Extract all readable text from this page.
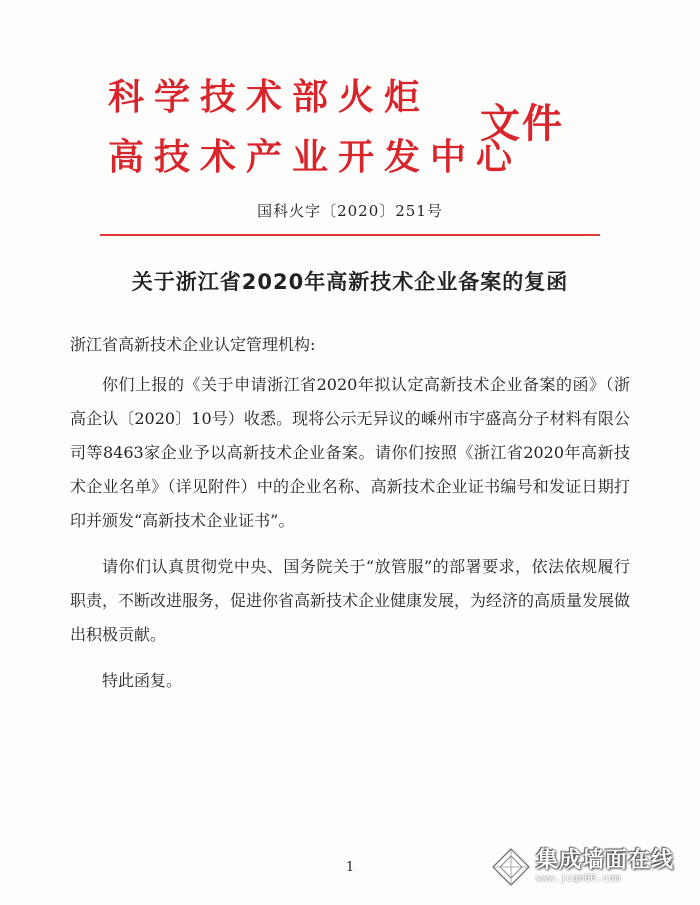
科学技术部火炬
高技术产业开发中心
文件
国科火字〔2020〕251号
关于浙江省2020年高新技术企业备案的复函

浙江省高新技术企业认定管理机构:

你们上报的《关于申请浙江省2020年拟认定高新技术企业备案的函》（浙高企认〔2020〕10号）收悉。现将公示无异议的嵊州市宇盛高分子材料有限公司等8463家企业予以高新技术企业备案。请你们按照《浙江省2020年高新技术企业名单》（详见附件）中的企业名称、高新技术企业证书编号和发证日期打印并颁发“高新技术企业证书”。

请你们认真贯彻党中央、国务院关于“放管服”的部署要求，依法依规履行职责，不断改进服务，促进你省高新技术企业健康发展，为经济的高质量发展做出积极贡献。

特此函复。

1	集成墙面在线
www.jcqm00.com
